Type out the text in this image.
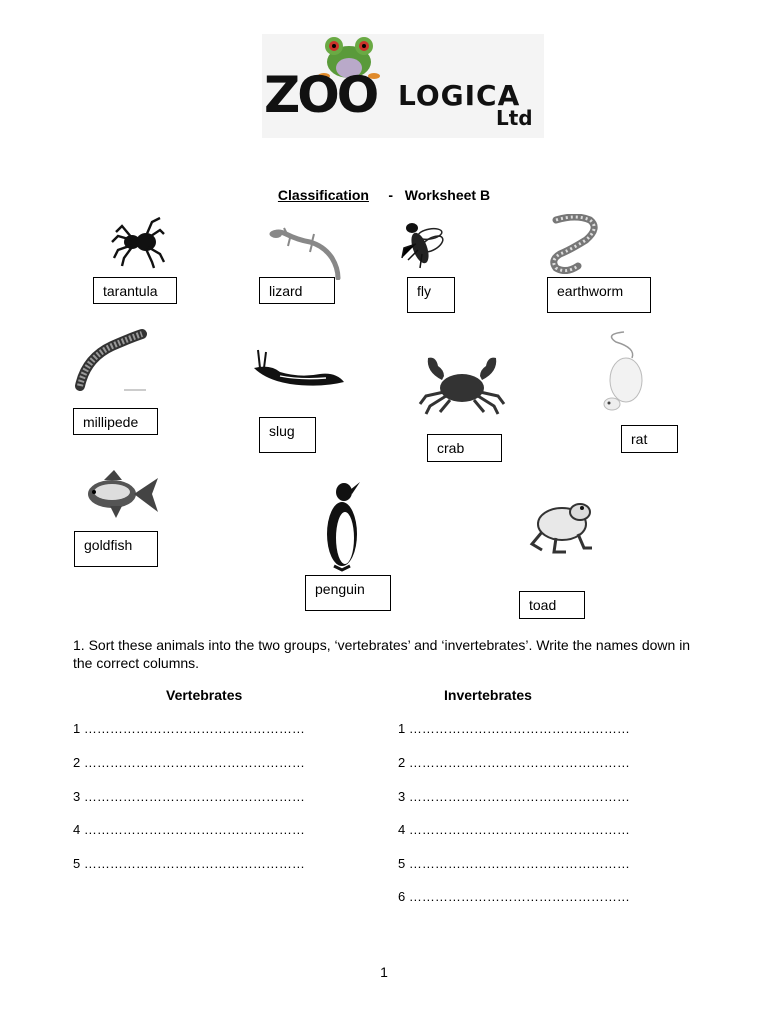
ZOO LOGICA
Ltd
Classification - Worksheet B
tarantula	lizard	fly	earthworm
millipede
slug
crab
rat
goldfish
penguin
toad
1. Sort these animals into the two groups, ‘vertebrates’ and ‘invertebrates’. Write the names down in the correct columns.
Vertebrates	Invertebrates
1 ……………………………………………
2 ……………………………………………
3 ……………………………………………
4 ……………………………………………
5 ……………………………………………
1 ……………………………………………
2 ……………………………………………
3 ……………………………………………
4 ……………………………………………
5 ……………………………………………
6 ……………………………………………
1
